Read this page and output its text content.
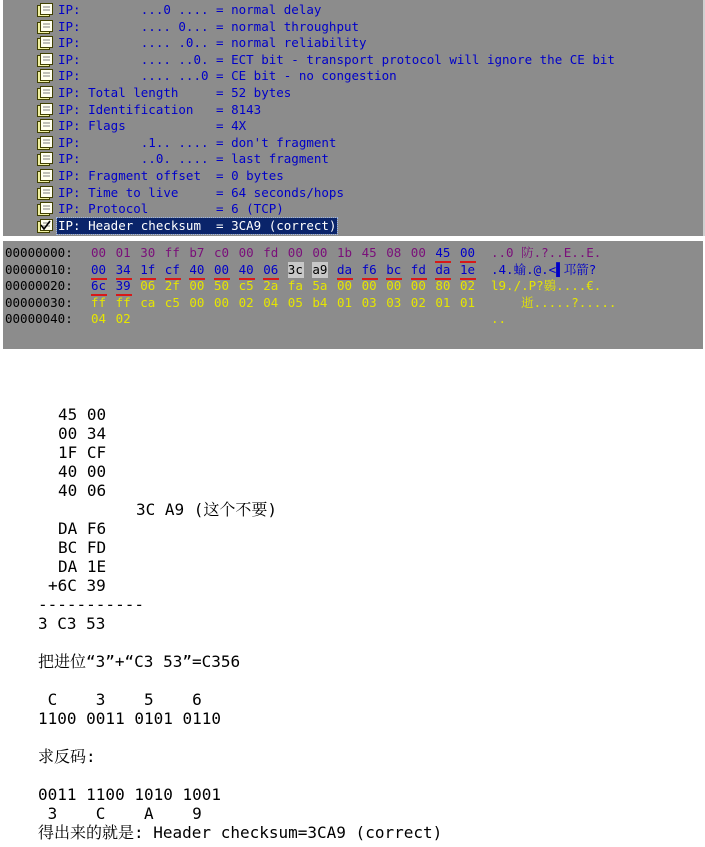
IP:        ...0 .... = normal delay
IP:        .... 0... = normal throughput
IP:        .... .0.. = normal reliability
IP:        .... ..0. = ECT bit - transport protocol will ignore the CE bit
IP:        .... ...0 = CE bit - no congestion
IP: Total length     = 52 bytes
IP: Identification   = 8143
IP: Flags            = 4X
IP:        .1.. .... = don't fragment
IP:        ..0. .... = last fragment
IP: Fragment offset  = 0 bytes
IP: Time to live     = 64 seconds/hops
IP: Protocol         = 6 (TCP)
IP: Header checksum  = 3CA9 (correct)
00000000: 00 01 30 ff b7 c0 00 fd 00 00 1b 45 08 00 45 00 ..0 防.?..E..E.
00000010: 00 34 1f cf 40 00 40 06 3c a9 da f6 bc fd da 1e .4.蝓.@.<▌邛箭?
00000020: 6c 39 06 2f 00 50 c5 2a fa 5a 00 00 00 00 80 02 l9./.P?鷃....€.
00000030: ff ff ca c5 00 00 02 04 05 b4 01 03 03 02 01 01 逝.....?.....
00000040: 04 02	..
45 00
00 34
1F CF
40 00
40 06
3C A9 (这个不要)
DA F6
BC FD
DA 1E
+6C 39
-----------
3 C3 53
把进位“3”+“C3 53”=C356
C    3    5    6
1100 0011 0101 0110
求反码:
0011 1100 1010 1001
3    C    A    9
得出来的就是: Header checksum=3CA9 (correct)
